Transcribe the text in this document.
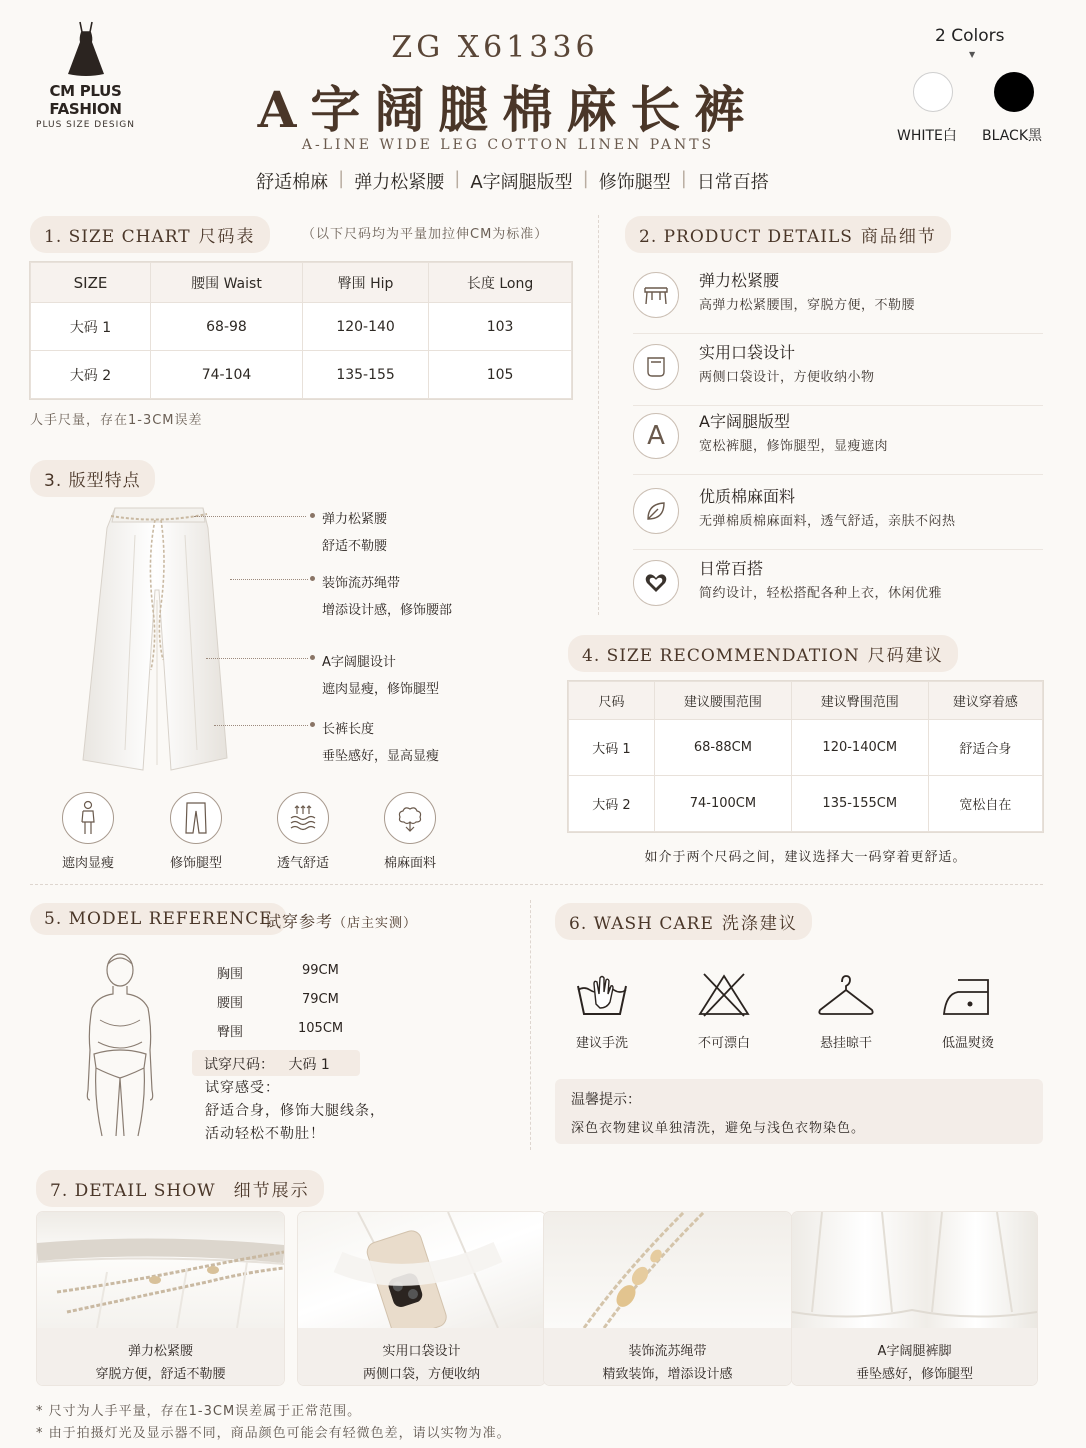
CM PLUS FASHION
PLUS SIZE DESIGN
ZG X61336
A字阔腿棉麻长裤
A-LINE WIDE LEG COTTON LINEN PANTS
舒适棉麻 | 弹力松紧腰 | A字阔腿版型 | 修饰腿型 | 日常百搭
2 Colors
▼
WHITE白 BLACK黑
1. SIZE CHART 尺码表	（以下尺码均为平量加拉伸CM为标准）
SIZE	腰围 Waist	臀围 Hip	长度 Long
大码 1	68-98	120-140	103
大码 2	74-104	135-155	105
人手尺量，存在1-3CM误差
2. PRODUCT DETAILS 商品细节
弹力松紧腰
高弹力松紧腰围，穿脱方便，不勒腰
实用口袋设计
两侧口袋设计，方便收纳小物
A A字阔腿版型
宽松裤腿，修饰腿型，显瘦遮肉
优质棉麻面料
无弹棉质棉麻面料，透气舒适，亲肤不闷热
日常百搭
简约设计，轻松搭配各种上衣，休闲优雅
3. 版型特点
弹力松紧腰
舒适不勒腰
装饰流苏绳带
增添设计感，修饰腰部
A字阔腿设计
遮肉显瘦，修饰腿型
长裤长度
垂坠感好，显高显瘦
遮肉显瘦	修饰腿型	透气舒适	棉麻面料
4. SIZE RECOMMENDATION 尺码建议
尺码	建议腰围范围	建议臀围范围	建议穿着感
大码 1	68-88CM	120-140CM	舒适合身
大码 2	74-100CM	135-155CM	宽松自在
如介于两个尺码之间，建议选择大一码穿着更舒适。
5. MODEL REFERENCE
试穿参考（店主实测）
胸围	99CM
腰围	79CM
臀围	105CM
试穿尺码： 大码 1
试穿感受：
舒适合身，修饰大腿线条，
活动轻松不勒肚！
6. WASH CARE 洗涤建议
建议手洗	不可漂白	悬挂晾干	低温熨烫
温馨提示：
深色衣物建议单独清洗，避免与浅色衣物染色。
7. DETAIL SHOW 细节展示
弹力松紧腰
穿脱方便，舒适不勒腰
实用口袋设计
两侧口袋，方便收纳
装饰流苏绳带
精致装饰，增添设计感
A字阔腿裤脚
垂坠感好，修饰腿型
* 尺寸为人手平量，存在1-3CM误差属于正常范围。
* 由于拍摄灯光及显示器不同，商品颜色可能会有轻微色差，请以实物为准。
